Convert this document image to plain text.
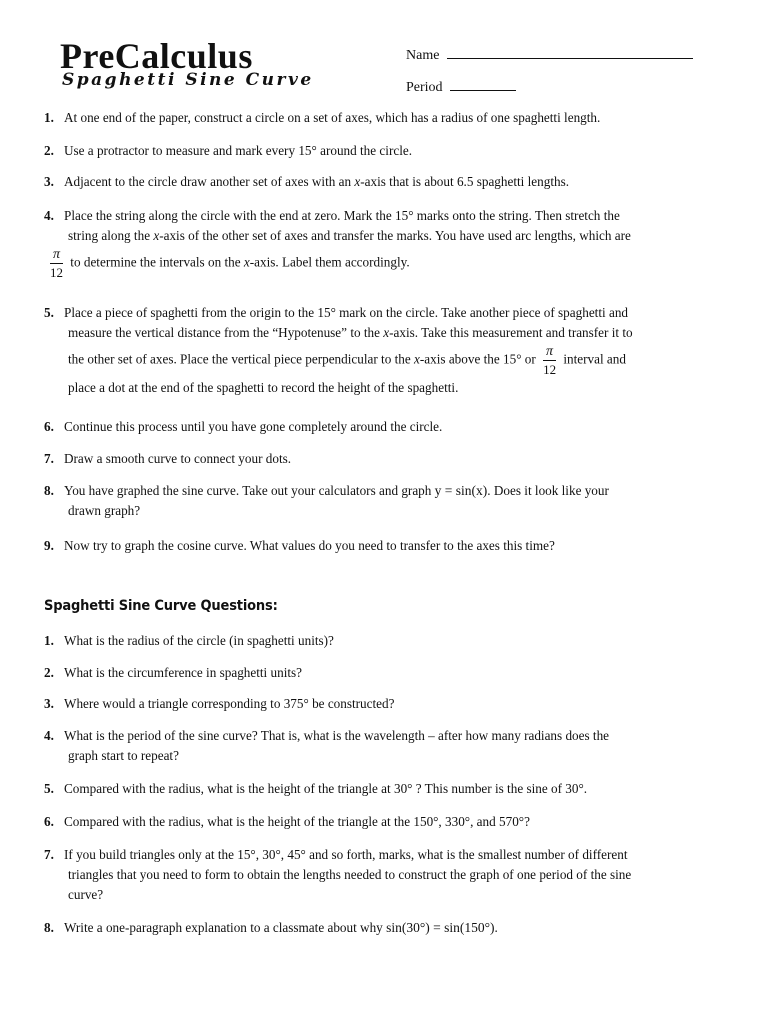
PreCalculus
Spaghetti Sine Curve
Name
Period
1. At one end of the paper, construct a circle on a set of axes, which has a radius of one spaghetti length.
2. Use a protractor to measure and mark every 15° around the circle.
3. Adjacent to the circle draw another set of axes with an x-axis that is about 6.5 spaghetti lengths.
4. Place the string along the circle with the end at zero. Mark the 15° marks onto the string. Then stretch the
string along the x-axis of the other set of axes and transfer the marks. You have used arc lengths, which are
$\frac{\pi}{12}$ to determine the intervals on the x-axis. Label them accordingly.
5. Place a piece of spaghetti from the origin to the 15° mark on the circle. Take another piece of spaghetti and
measure the vertical distance from the “Hypotenuse” to the x-axis. Take this measurement and transfer it to
the other set of axes. Place the vertical piece perpendicular to the x-axis above the 15° or $\frac{\pi}{12}$ interval and
place a dot at the end of the spaghetti to record the height of the spaghetti.
6. Continue this process until you have gone completely around the circle.
7. Draw a smooth curve to connect your dots.
8. You have graphed the sine curve. Take out your calculators and graph y = sin(x). Does it look like your
drawn graph?
9. Now try to graph the cosine curve. What values do you need to transfer to the axes this time?
Spaghetti Sine Curve Questions:
1. What is the radius of the circle (in spaghetti units)?
2. What is the circumference in spaghetti units?
3. Where would a triangle corresponding to 375° be constructed?
4. What is the period of the sine curve? That is, what is the wavelength – after how many radians does the
graph start to repeat?
5. Compared with the radius, what is the height of the triangle at 30° ? This number is the sine of 30°.
6. Compared with the radius, what is the height of the triangle at the 150°, 330°, and 570°?
7. If you build triangles only at the 15°, 30°, 45° and so forth, marks, what is the smallest number of different
triangles that you need to form to obtain the lengths needed to construct the graph of one period of the sine
curve?
8. Write a one-paragraph explanation to a classmate about why sin(30°) = sin(150°).
